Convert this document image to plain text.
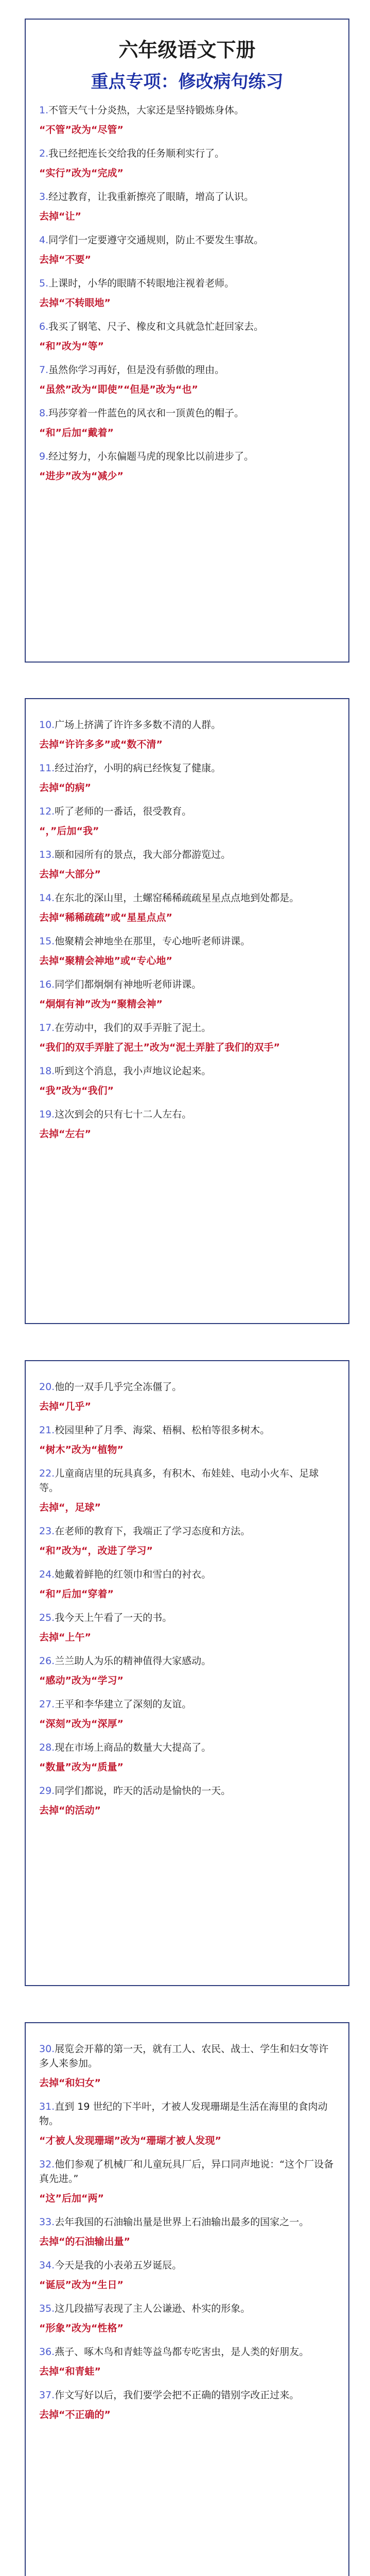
六年级语文下册
重点专项：修改病句练习
1.不管天气十分炎热，大家还是坚持锻炼身体。
“不管”改为“尽管”
2.我已经把连长交给我的任务顺利实行了。
“实行”改为“完成”
3.经过教育，让我重新擦亮了眼睛，增高了认识。
去掉“让”
4.同学们一定要遵守交通规则，防止不要发生事故。
去掉“不要”
5.上课时，小华的眼睛不转眼地注视着老师。
去掉“不转眼地”
6.我买了钢笔、尺子、橡皮和文具就急忙赶回家去。
“和”改为“等”
7.虽然你学习再好，但是没有骄傲的理由。
“虽然”改为“即使”“但是”改为“也”
8.玛莎穿着一件蓝色的风衣和一顶黄色的帽子。
“和”后加“戴着”
9.经过努力，小东偏题马虎的现象比以前进步了。
“进步”改为“减少”
10.广场上挤满了许许多多数不清的人群。
去掉“许许多多”或“数不清”
11.经过治疗，小明的病已经恢复了健康。
去掉“的病”
12.听了老师的一番话，很受教育。
“，”后加“我”
13.颐和园所有的景点，我大部分都游览过。
去掉“大部分”
14.在东北的深山里，土螺窑稀稀疏疏星星点点地到处都是。
去掉“稀稀疏疏”或“星星点点”
15.他聚精会神地坐在那里，专心地听老师讲课。
去掉“聚精会神地”或“专心地”
16.同学们都炯炯有神地听老师讲课。
“炯炯有神”改为“聚精会神”
17.在劳动中，我们的双手弄脏了泥土。
“我们的双手弄脏了泥土”改为“泥土弄脏了我们的双手”
18.听到这个消息，我小声地议论起来。
“我”改为“我们”
19.这次到会的只有七十二人左右。
去掉“左右”
20.他的一双手几乎完全冻僵了。
去掉“几乎”
21.校园里种了月季、海棠、梧桐、松柏等很多树木。
“树木”改为“植物”
22.儿童商店里的玩具真多，有积木、布娃娃、电动小火车、足球等。
去掉“，足球”
23.在老师的教育下，我端正了学习态度和方法。
“和”改为“，改进了学习”
24.她戴着鲜艳的红领巾和雪白的衬衣。
“和”后加“穿着”
25.我今天上午看了一天的书。
去掉“上午”
26.兰兰助人为乐的精神值得大家感动。
“感动”改为“学习”
27.王平和李华建立了深刻的友谊。
“深刻”改为“深厚”
28.现在市场上商品的数量大大提高了。
“数量”改为“质量”
29.同学们都说，昨天的活动是愉快的一天。
去掉“的活动”
30.展览会开幕的第一天，就有工人、农民、战士、学生和妇女等许多人来参加。
去掉“和妇女”
31.直到 19 世纪的下半叶，才被人发现珊瑚是生活在海里的食肉动物。
“才被人发现珊瑚”改为“珊瑚才被人发现”
32.他们参观了机械厂和儿童玩具厂后，异口同声地说：“这个厂设备真先进。”
“这”后加“两”
33.去年我国的石油输出量是世界上石油输出最多的国家之一。
去掉“的石油输出量”
34.今天是我的小表弟五岁诞辰。
“诞辰”改为“生日”
35.这几段描写表现了主人公谦逊、朴实的形象。
“形象”改为“性格”
36.燕子、啄木鸟和青蛙等益鸟都专吃害虫，是人类的好朋友。
去掉“和青蛙”
37.作文写好以后，我们要学会把不正确的错别字改正过来。
去掉“不正确的”
